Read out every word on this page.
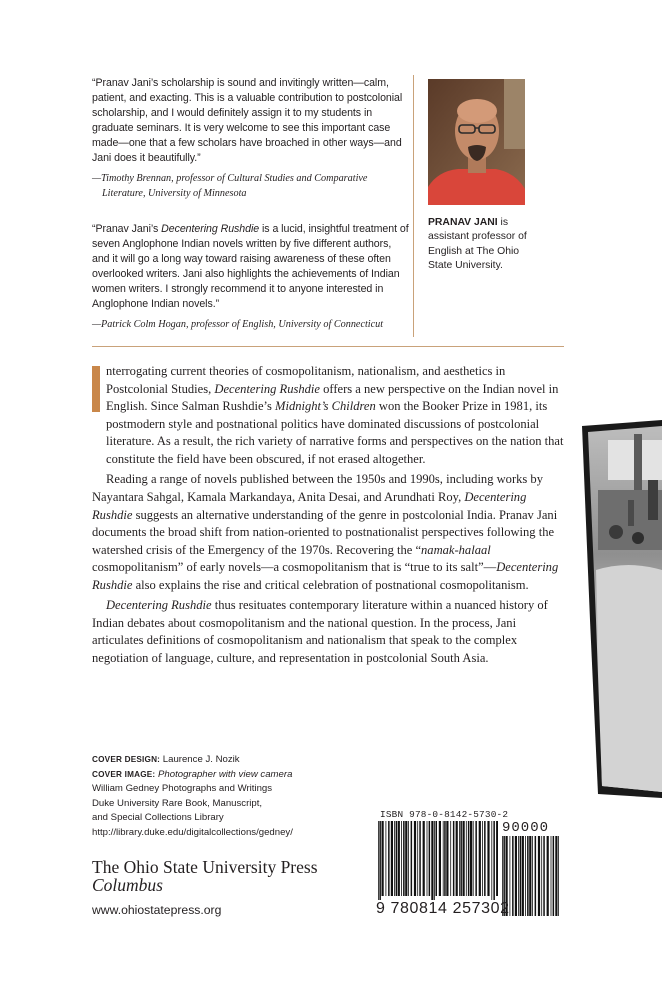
“Pranav Jani’s scholarship is sound and invitingly written—calm, patient, and exacting. This is a valuable contribution to postcolonial scholarship, and I would definitely assign it to my students in graduate seminars. It is very welcome to see this important case made—one that a few scholars have broached in other ways—and Jani does it beautifully.”

—Timothy Brennan, professor of Cultural Studies and Comparative
Literature, University of Minnesota

“Pranav Jani’s Decentering Rushdie is a lucid, insightful treatment of seven Anglophone Indian novels written by five different authors, and it will go a long way toward raising awareness of these often overlooked writers. Jani also highlights the achievements of Indian women writers. I strongly recommend it to anyone interested in Anglophone Indian novels.”

—Patrick Colm Hogan, professor of English, University of Connecticut

PRANAV JANI is assistant professor of English at The Ohio State University.

nterrogating current theories of cosmopolitanism, nationalism, and aesthetics in Postcolonial Studies, Decentering Rushdie offers a new perspective on the Indian novel in English. Since Salman Rushdie’s Midnight’s Children won the Booker Prize in 1981, its postmodern style and postnational politics have dominated discussions of postcolonial literature. As a result, the rich variety of narrative forms and perspectives on the nation that constitute the field have been obscured, if not erased altogether.

Reading a range of novels published between the 1950s and 1990s, including works by Nayantara Sahgal, Kamala Markandaya, Anita Desai, and Arundhati Roy, Decentering Rushdie suggests an alternative understanding of the genre in postcolonial India. Pranav Jani documents the broad shift from nation-oriented to postnationalist perspectives following the watershed crisis of the Emergency of the 1970s. Recovering the “namak-halaal cosmopolitanism” of early novels—a cosmopolitanism that is “true to its salt”—Decentering Rushdie also explains the rise and critical celebration of postnational cosmopolitanism.

Decentering Rushdie thus resituates contemporary literature within a nuanced history of Indian debates about cosmopolitanism and the national question. In the process, Jani articulates definitions of cosmopolitanism and nationalism that speak to the complex negotiation of language, culture, and representation in postcolonial South Asia.

COVER DESIGN: Laurence J. Nozik
COVER IMAGE: Photographer with view camera
William Gedney Photographs and Writings
Duke University Rare Book, Manuscript,
and Special Collections Library
http://library.duke.edu/digitalcollections/gedney/
The Ohio State University Press
Columbus
www.ohiostatepress.org
ISBN 978-0-8142-5730-2
90000
9 780814 257302
